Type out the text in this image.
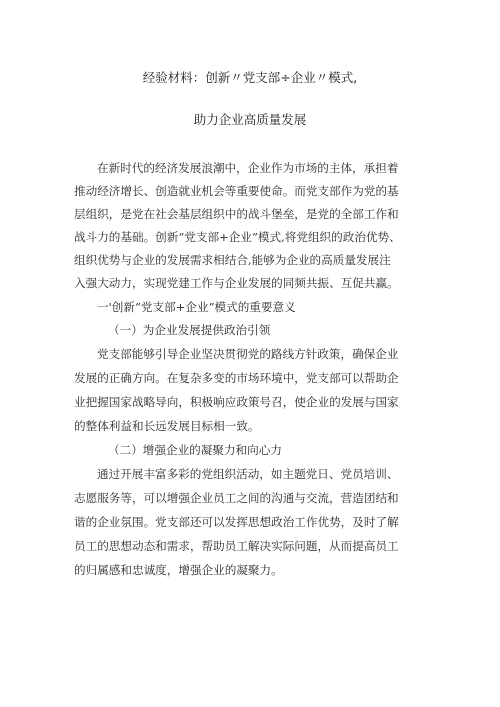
经验材料：创新〃党支部÷企业〃模式,
助力企业高质量发展
在新时代的经济发展浪潮中，企业作为市场的主体，承担着
推动经济增长、创造就业机会等重要使命。而党支部作为党的基
层组织，是党在社会基层组织中的战斗堡垒，是党的全部工作和
战斗力的基础。创新“党支部+企业”模式,将党组织的政治优势、
组织优势与企业的发展需求相结合,能够为企业的高质量发展注
入强大动力，实现党建工作与企业发展的同频共振、互促共赢。
一'创新“党支部+企业”模式的重要意义
（一）为企业发展提供政治引领
党支部能够引导企业坚决贯彻党的路线方针政策，确保企业
发展的正确方向。在复杂多变的市场环境中，党支部可以帮助企
业把握国家战略导向，积极响应政策号召，使企业的发展与国家
的整体利益和长远发展目标相一致。
（二）增强企业的凝聚力和向心力
通过开展丰富多彩的党组织活动，如主题党日、党员培训、
志愿服务等，可以增强企业员工之间的沟通与交流，营造团结和
谐的企业氛围。党支部还可以发挥思想政治工作优势，及时了解
员工的思想动态和需求，帮助员工解决实际问题，从而提高员工
的归属感和忠诚度，增强企业的凝聚力。
